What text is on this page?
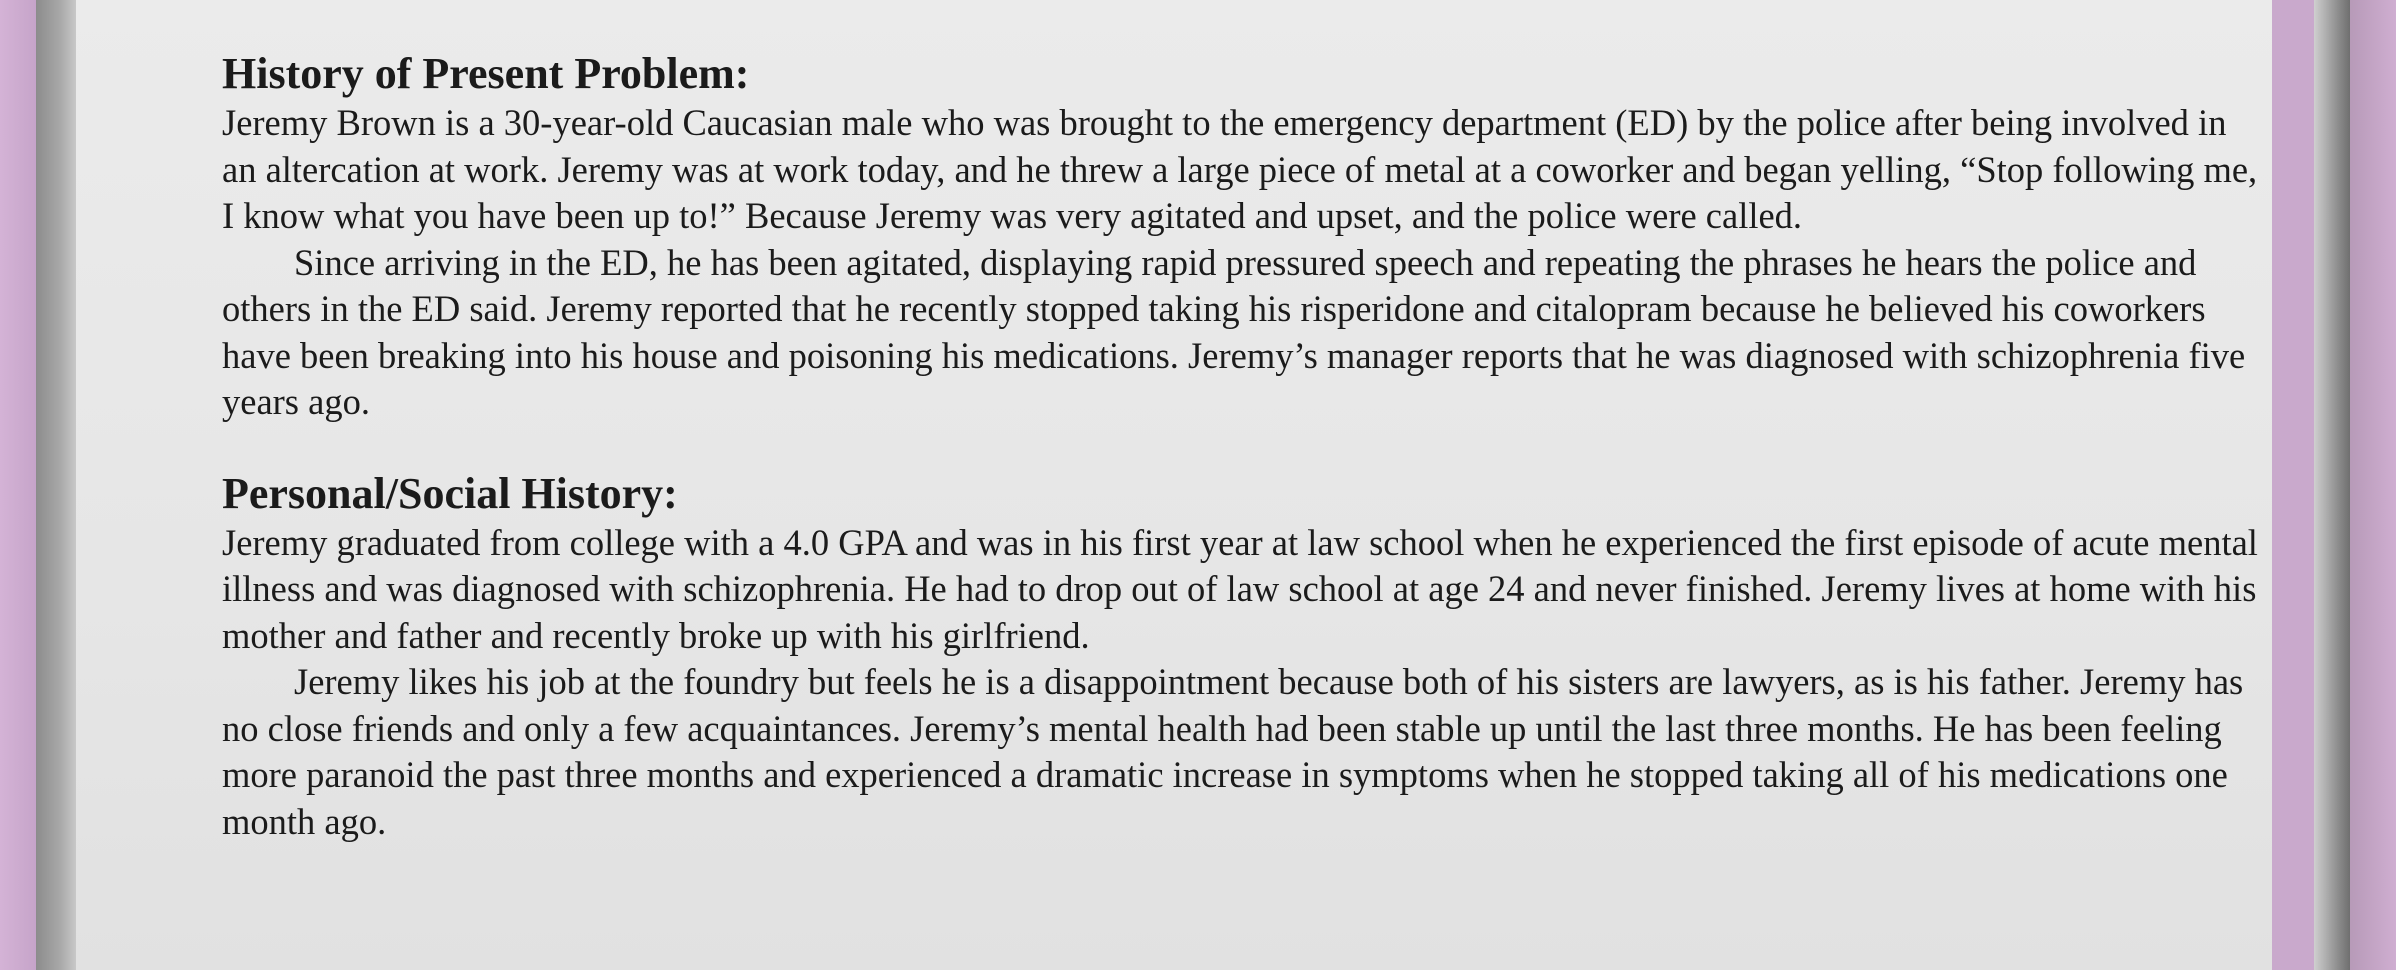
History of Present Problem:

Jeremy Brown is a 30-year-old Caucasian male who was brought to the emergency department (ED) by the police after being involved in an altercation at work. Jeremy was at work today, and he threw a large piece of metal at a coworker and began yelling, “Stop following me, I know what you have been up to!” Because Jeremy was very agitated and upset, and the police were called.

Since arriving in the ED, he has been agitated, displaying rapid pressured speech and repeating the phrases he hears the police and others in the ED said. Jeremy reported that he recently stopped taking his risperidone and citalopram because he believed his coworkers have been breaking into his house and poisoning his medications. Jeremy’s manager reports that he was diagnosed with schizophrenia five years ago.

Personal/Social History:

Jeremy graduated from college with a 4.0 GPA and was in his first year at law school when he experienced the first episode of acute mental illness and was diagnosed with schizophrenia. He had to drop out of law school at age 24 and never finished. Jeremy lives at home with his mother and father and recently broke up with his girlfriend.

Jeremy likes his job at the foundry but feels he is a disappointment because both of his sisters are lawyers, as is his father. Jeremy has no close friends and only a few acquaintances. Jeremy’s mental health had been stable up until the last three months. He has been feeling more paranoid the past three months and experienced a dramatic increase in symptoms when he stopped taking all of his medications one month ago.
